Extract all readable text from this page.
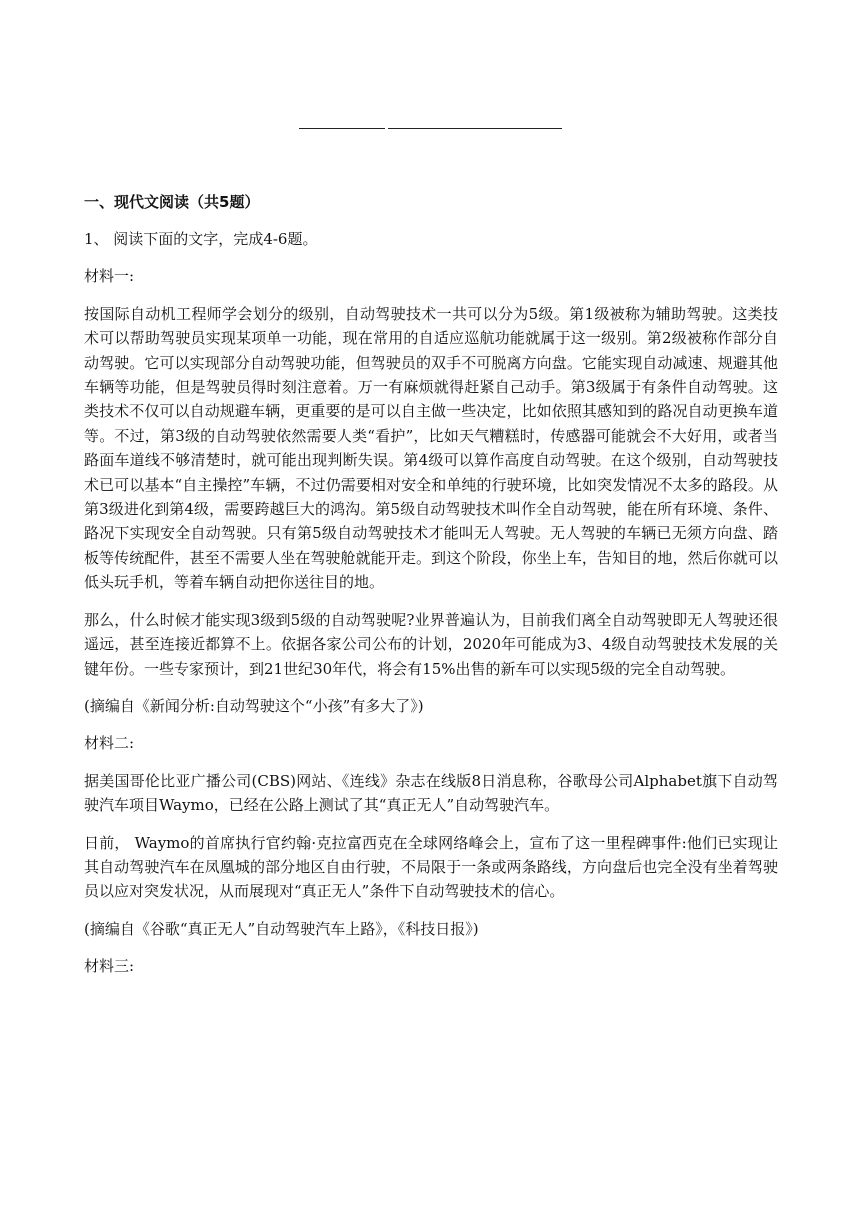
一、现代文阅读（共5题）

1、 阅读下面的文字，完成4-6题。

材料一:

按国际自动机工程师学会划分的级别，自动驾驶技术一共可以分为5级。第1级被称为辅助驾驶。这类技术可以帮助驾驶员实现某项单一功能，现在常用的自适应巡航功能就属于这一级别。第2级被称作部分自动驾驶。它可以实现部分自动驾驶功能，但驾驶员的双手不可脱离方向盘。它能实现自动减速、规避其他车辆等功能，但是驾驶员得时刻注意着。万一有麻烦就得赶紧自己动手。第3级属于有条件自动驾驶。这类技术不仅可以自动规避车辆，更重要的是可以自主做一些决定，比如依照其感知到的路况自动更换车道等。不过，第3级的自动驾驶依然需要人类“看护”，比如天气糟糕时，传感器可能就会不大好用，或者当路面车道线不够清楚时，就可能出现判断失误。第4级可以算作高度自动驾驶。在这个级别，自动驾驶技术已可以基本“自主操控”车辆，不过仍需要相对安全和单纯的行驶环境，比如突发情况不太多的路段。从第3级进化到第4级，需要跨越巨大的鸿沟。第5级自动驾驶技术叫作全自动驾驶，能在所有环境、条件、路况下实现安全自动驾驶。只有第5级自动驾驶技术才能叫无人驾驶。无人驾驶的车辆已无须方向盘、踏板等传统配件，甚至不需要人坐在驾驶舱就能开走。到这个阶段，你坐上车，告知目的地，然后你就可以低头玩手机，等着车辆自动把你送往目的地。

那么，什么时候才能实现3级到5级的自动驾驶呢?业界普遍认为，目前我们离全自动驾驶即无人驾驶还很遥远，甚至连接近都算不上。依据各家公司公布的计划，2020年可能成为3、4级自动驾驶技术发展的关键年份。一些专家预计，到21世纪30年代，将会有15%出售的新车可以实现5级的完全自动驾驶。

(摘编自《新闻分析:自动驾驶这个“小孩”有多大了》)

材料二:

据美国哥伦比亚广播公司(CBS)网站、《连线》杂志在线版8日消息称，谷歌母公司Alphabet旗下自动驾驶汽车项目Waymo，已经在公路上测试了其“真正无人”自动驾驶汽车。

日前， Waymo的首席执行官约翰·克拉富西克在全球网络峰会上，宣布了这一里程碑事件:他们已实现让其自动驾驶汽车在凤凰城的部分地区自由行驶，不局限于一条或两条路线，方向盘后也完全没有坐着驾驶员以应对突发状况，从而展现对“真正无人”条件下自动驾驶技术的信心。

(摘编自《谷歌“真正无人”自动驾驶汽车上路》，《科技日报》)

材料三:
